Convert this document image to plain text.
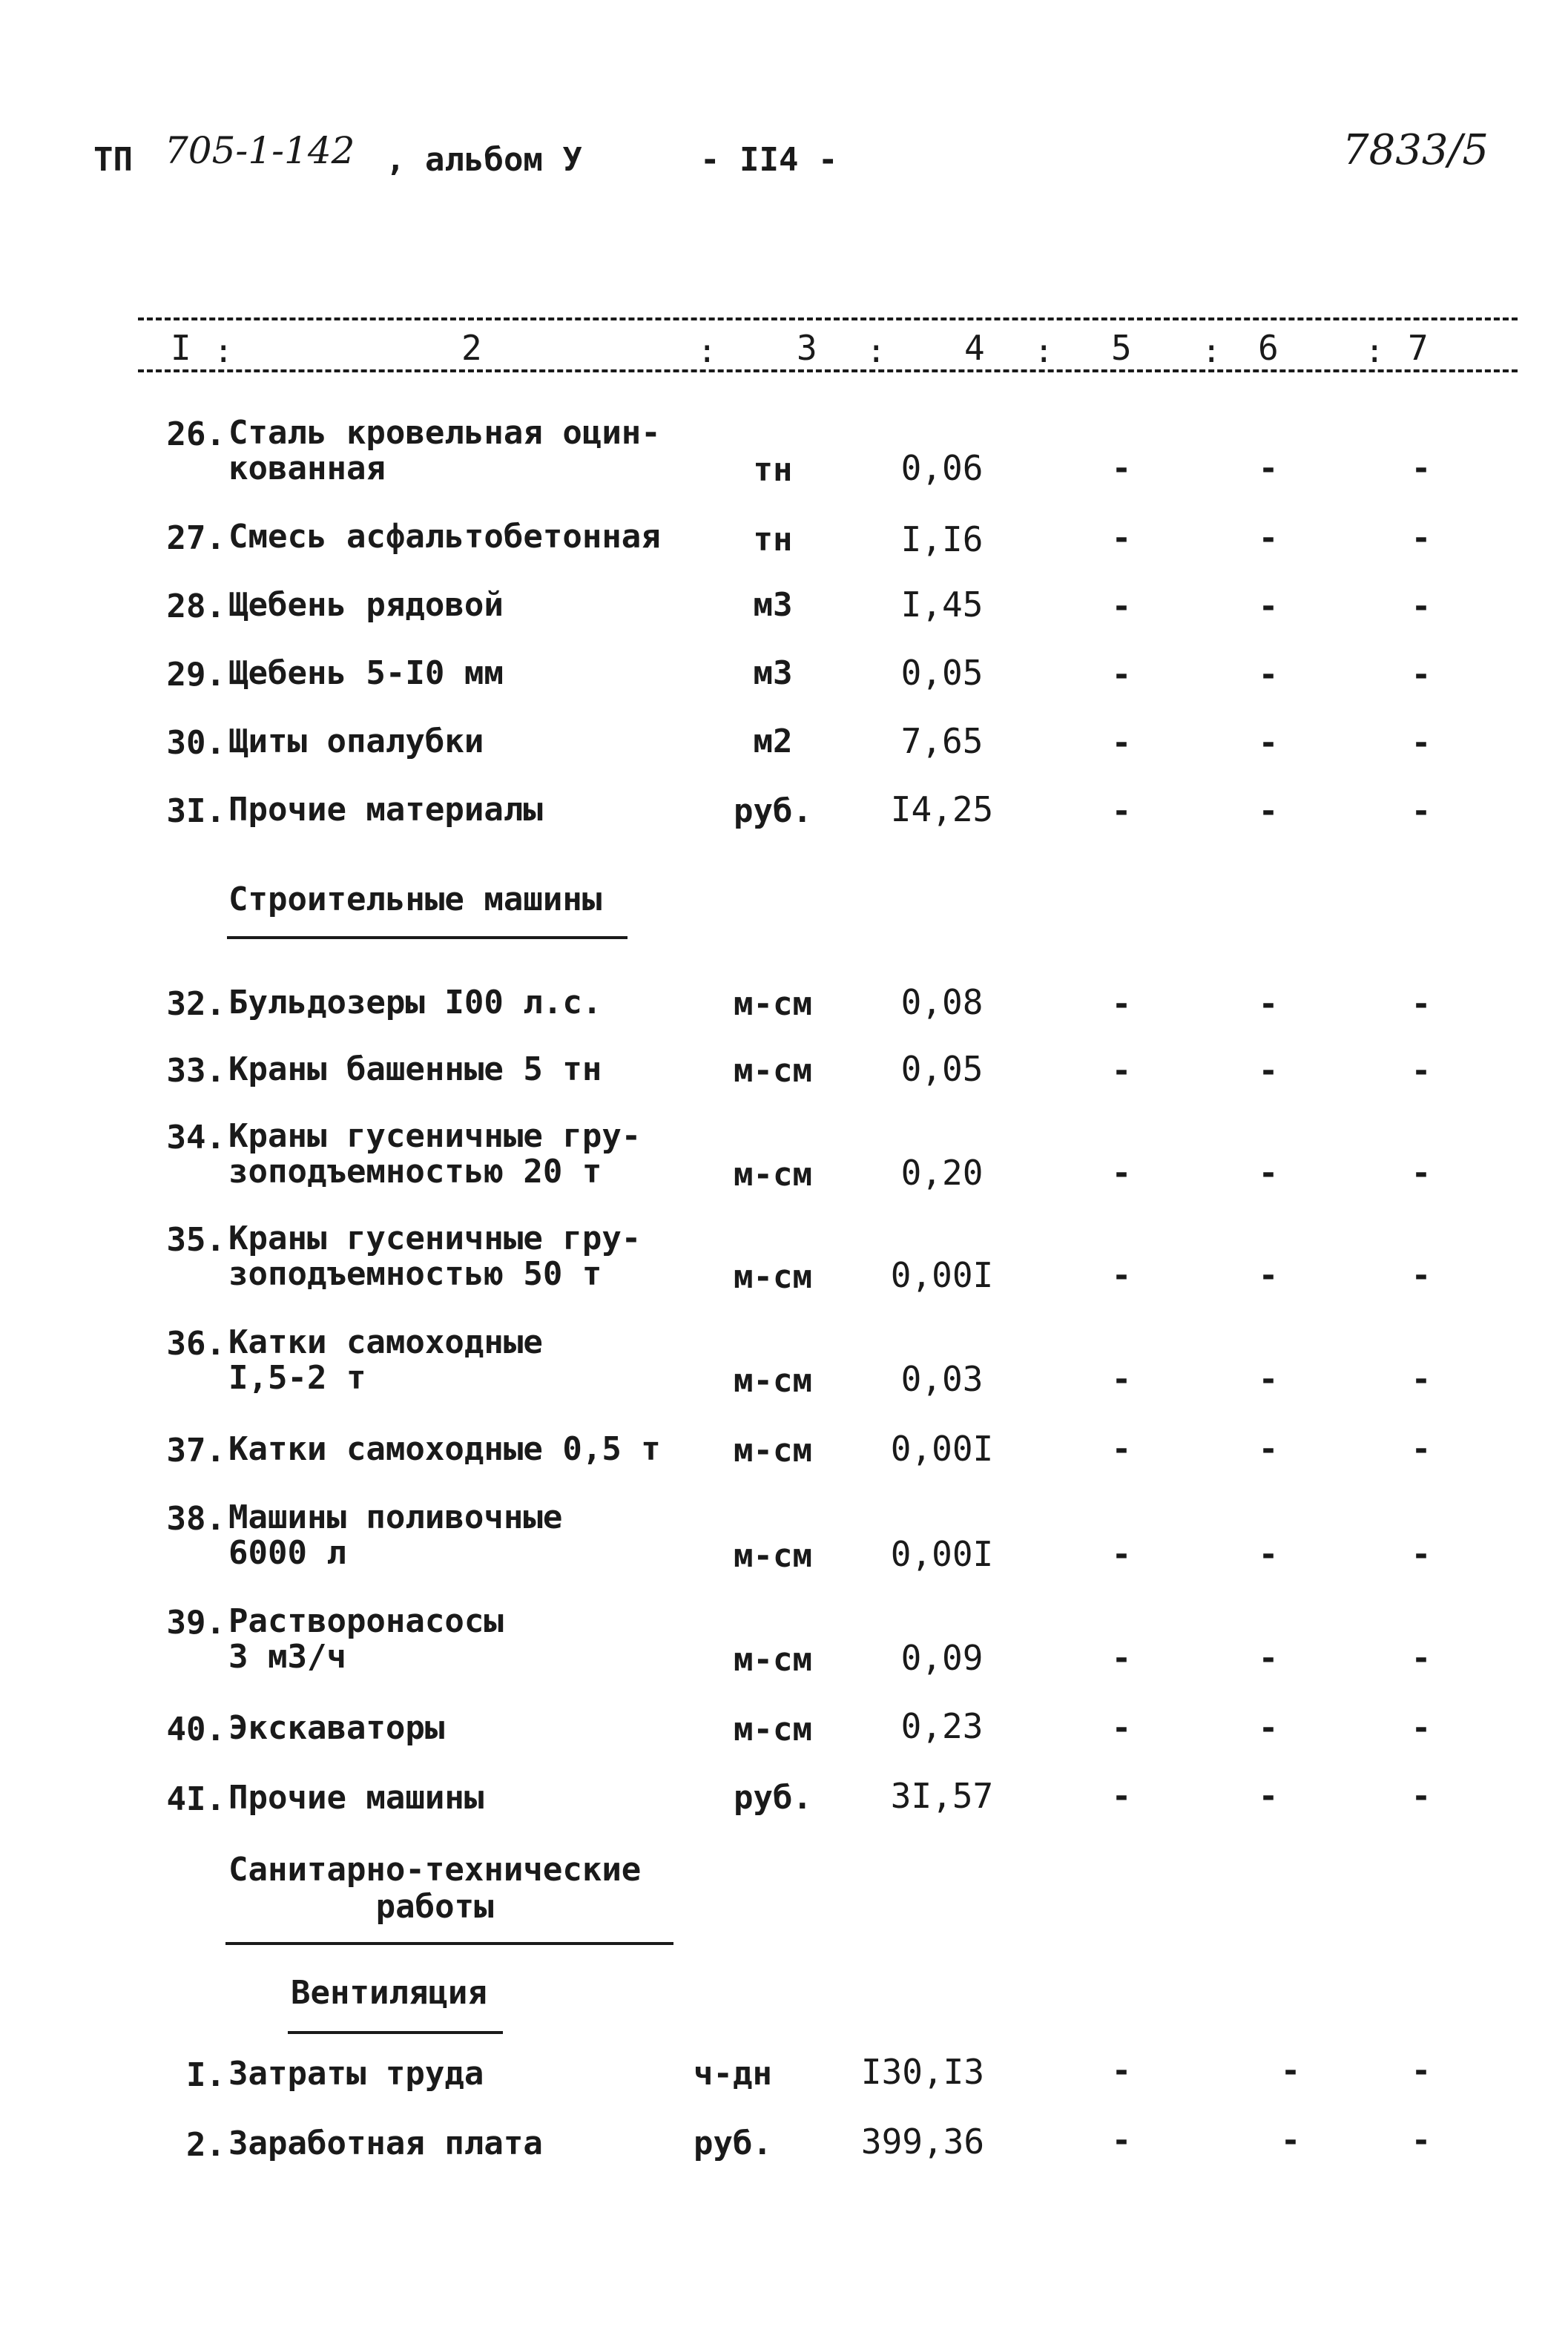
ТП 705-1-142 , альбом У	- II4 -	7833/5
I :	2	: 3 : 4 : 5 : 6	: 7
26. Сталь кровельная оцин-
кованная	тн	0,06	-	-	-
27. Смесь асфальтобетонная	тн	I,I6	-	-	-
28. Щебень рядовой	м3	I,45	-	-	-
29. Щебень 5-I0 мм	м3	0,05	-	-	-
30. Щиты опалубки	м2	7,65	-	-	-
3I. Прочие материалы	руб.	I4,25	-	-	-
Строительные машины
32. Бульдозеры I00 л.с.	м-см	0,08	-	-	-
33. Краны башенные 5 тн	м-см	0,05	-	-	-
34. Краны гусеничные гру-
зоподъемностью 20 т	м-см	0,20	-	-	-
35. Краны гусеничные гру-
зоподъемностью 50 т	м-см	0,00I	-	-	-
36. Катки самоходные
I,5-2 т	м-см	0,03	-	-	-
37. Катки самоходные 0,5 т	м-см	0,00I	-	-	-
38. Машины поливочные
6000 л	м-см	0,00I	-	-	-
39. Растворонасосы
3 м3/ч	м-см	0,09	-	-	-
40. Экскаваторы	м-см	0,23	-	-	-
4I. Прочие машины	руб.	3I,57	-	-	-
Санитарно-технические
работы
Вентиляция
I. Затраты труда	ч-дн	I30,I3	-	-	-
2. Заработная плата	руб.	399,36	-	-	-
